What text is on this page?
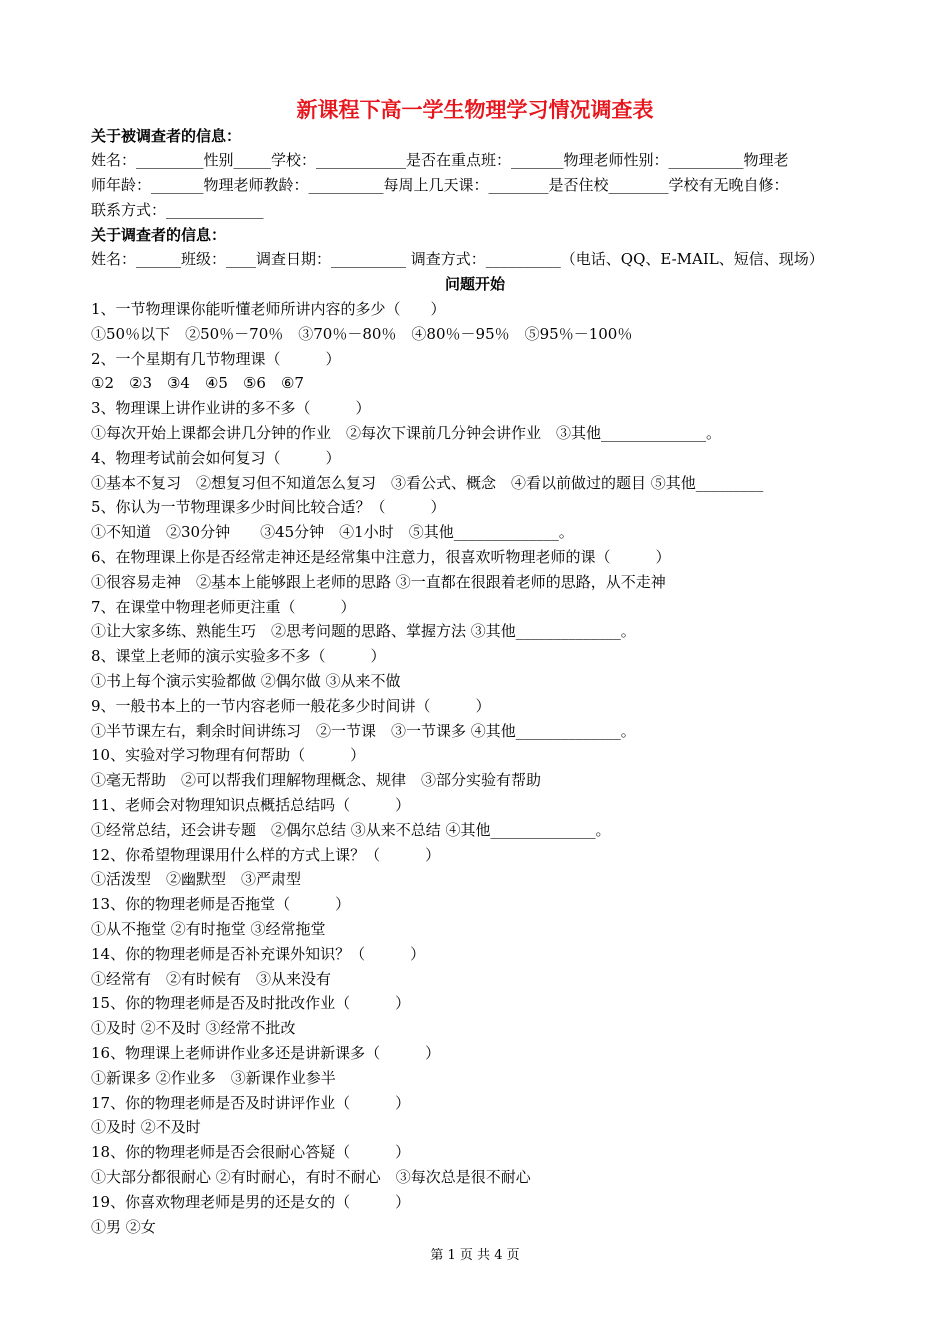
新课程下高一学生物理学习情况调查表
关于被调查者的信息：
姓名：_________性别_____学校：____________是否在重点班：_______物理老师性别：__________物理老
师年龄：_______物理老师教龄：__________每周上几天课：________是否住校________学校有无晚自修：
联系方式：_____________
关于调查者的信息：
姓名：______班级：____调查日期：__________ 调查方式：__________（电话、QQ、E-MAIL、短信、现场）
问题开始
1、一节物理课你能听懂老师所讲内容的多少（　　）
①50％以下　②50％－70％　③70％－80％　④80％－95％　⑤95％－100％
2、一个星期有几节物理课（　　　）
①2　②3　③4　④5　⑤6　⑥7
3、物理课上讲作业讲的多不多（　　　）
①每次开始上课都会讲几分钟的作业　②每次下课前几分钟会讲作业　③其他______________。
4、物理考试前会如何复习（　　　）
①基本不复习　②想复习但不知道怎么复习　③看公式、概念　④看以前做过的题目 ⑤其他_________
5、你认为一节物理课多少时间比较合适？（　　　）
①不知道　②30分钟　　③45分钟　④1小时　⑤其他______________。
6、在物理课上你是否经常走神还是经常集中注意力，很喜欢听物理老师的课（　　　）
①很容易走神　②基本上能够跟上老师的思路 ③一直都在很跟着老师的思路，从不走神
7、在课堂中物理老师更注重（　　　）
①让大家多练、熟能生巧　②思考问题的思路、掌握方法 ③其他______________。
8、课堂上老师的演示实验多不多（　　　）
①书上每个演示实验都做 ②偶尔做 ③从来不做
9、一般书本上的一节内容老师一般花多少时间讲（　　　）
①半节课左右，剩余时间讲练习　②一节课　③一节课多 ④其他______________。
10、实验对学习物理有何帮助（　　　）
①毫无帮助　②可以帮我们理解物理概念、规律　③部分实验有帮助
11、老师会对物理知识点概括总结吗（　　　）
①经常总结，还会讲专题　②偶尔总结 ③从来不总结 ④其他______________。
12、你希望物理课用什么样的方式上课？（　　　）
①活泼型　②幽默型　③严肃型
13、你的物理老师是否拖堂（　　　）
①从不拖堂 ②有时拖堂 ③经常拖堂
14、你的物理老师是否补充课外知识？（　　　）
①经常有　②有时候有　③从来没有
15、你的物理老师是否及时批改作业（　　　）
①及时 ②不及时 ③经常不批改
16、物理课上老师讲作业多还是讲新课多（　　　）
①新课多 ②作业多　③新课作业参半
17、你的物理老师是否及时讲评作业（　　　）
①及时 ②不及时
18、你的物理老师是否会很耐心答疑（　　　）
①大部分都很耐心 ②有时耐心，有时不耐心　③每次总是很不耐心
19、你喜欢物理老师是男的还是女的（　　　）
①男 ②女
第 1 页 共 4 页
